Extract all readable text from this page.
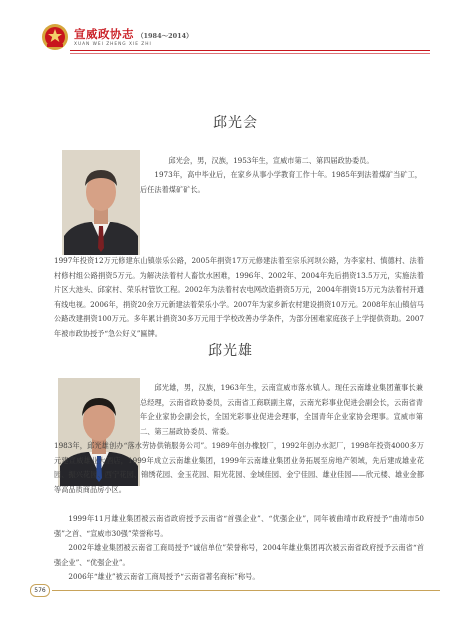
宣威政协志 （1984～2014）
XUAN WEI ZHENG XIE ZHI
邱光会

邱光会，男，汉族，1953年生，宣威市第二、第四届政协委员。

1973年，高中毕业后，在家乡从事小学教育工作十年。1985年到法着煤矿当矿工，后任法着煤矿矿长。

1997年投资12万元修建东山镇崇乐公路，2005年捐资17万元修建法着至宗乐河坝公路，为李家村、慎德村、法着村修村组公路捐资5万元。为解决法着村人畜饮水困难，1996年、2002年、2004年先后捐资13.5万元，实施法着片区大池头、邱家村、荣乐村管饮工程。2002年为法着村农电网改造捐资5万元，2004年捐资15万元为法着村开通有线电视。2006年，捐资20余万元新建法着荣乐小学。2007年为家乡新农村建设捐资10万元。2008年东山镇信马公路改建捐资100万元。多年累计捐资30多万元用于学校改善办学条件，为部分困难家庭孩子上学提供资助。2007年被市政协授予“急公好义”匾牌。

邱光雄

邱光雄，男，汉族，1963年生，云南宣威市落水镇人。现任云南雄业集团董事长兼总经理，云南省政协委员，云南省工商联副主席，云南光彩事业促进会副会长，云南省青年企业家协会副会长，全国光彩事业促进会理事，全国青年企业家协会理事。宣威市第二、第三届政协委员、常委。

1983年，邱光雄创办“落水劳协供销服务公司”。1989年创办橡胶厂，1992年创办水泥厂，1998年投资4000多万元建宣威雄业大酒店，1999年成立云南雄业集团，1999年云南雄业集团业务拓展至房地产领域，先后建成雄业花园、振兴花园、西宁花园、锦绣花园、金玉花园、阳光花园、金域佳园、金宁佳园、雄业佳园——欣元楼、雄业金都等高品质商品房小区。

1999年11月雄业集团被云南省政府授予云南省“首强企业”、“优强企业”，同年被曲靖市政府授予“曲靖市50强”之首、“宣威市30强”荣誉称号。

2002年雄业集团被云南省工商局授予“诚信单位”荣誉称号，2004年雄业集团再次被云南省政府授予云南省“首强企业”、“优强企业”。

2006年“雄业”被云南省工商局授予“云南省著名商标”称号。

576
